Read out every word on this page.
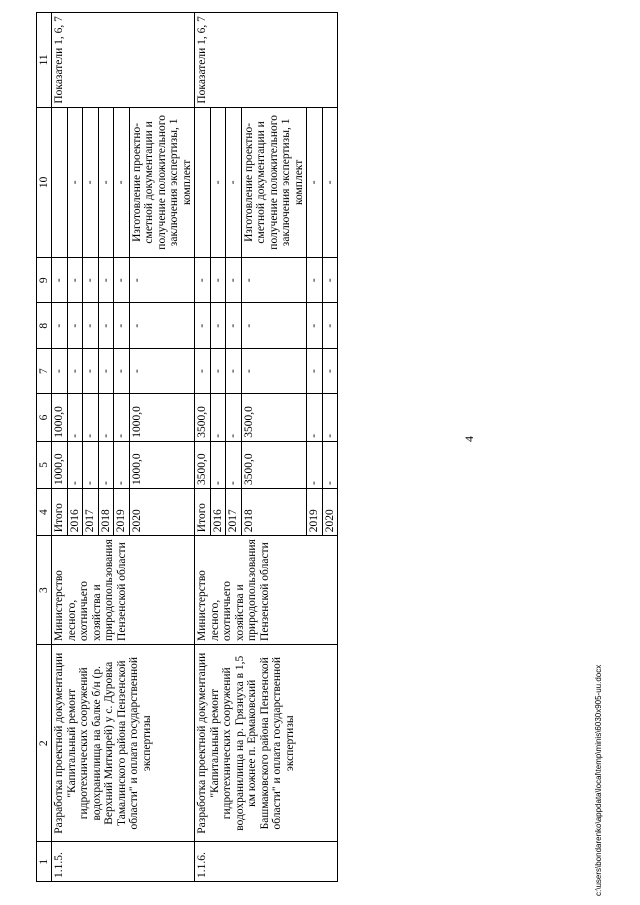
4
1	2	3	4	5	6	7	8	9	10	11
1.1.5.	Разработка проектной документации "Капитальный ремонт гидротехнических сооружений водохранилища на балке б/н (р. Верхний Миткирей) у с. Дуровка Тамалинского района Пензенской области" и оплата государственной экспертизы	Министерство лесного, охотничьего хозяйства и природопользования Пензенской области	Итого	1000,0	1000,0	-	-	-		Показатели 1, 6, 7
			2016	-	-	-	-	-	-	
			2017	-	-	-	-	-	-	
			2018	-	-	-	-	-	-	
			2019	-	-	-	-	-	-	
			2020	1000,0	1000,0	-	-	-	Изготовление проектно-сметной документации и получение положительного заключения экспертизы, 1 комплект	
1.1.6.	Разработка проектной документации "Капитальный ремонт гидротехнических сооружений водохранилища на р. Грязнуха в 1,5 км южнее п. Ермаковский Башмаковского района Пензенской области" и оплата государственной экспертизы	Министерство лесного, охотничьего хозяйства и природопользования Пензенской области	Итого	3500,0	3500,0	-	-	-		Показатели 1, 6, 7
			2016	-	-	-	-	-	-	
			2017	-	-	-	-	-	-	
			2018	3500,0	3500,0	-	-	-	Изготовление проектно-сметной документации и получение положительного заключения экспертизы, 1 комплект	
			2019	-	-	-	-	-	-	
			2020	-	-	-	-	-	-	
c:\users\bondarenko\appdata\local\temp\minis\6030x905-uu.docx
